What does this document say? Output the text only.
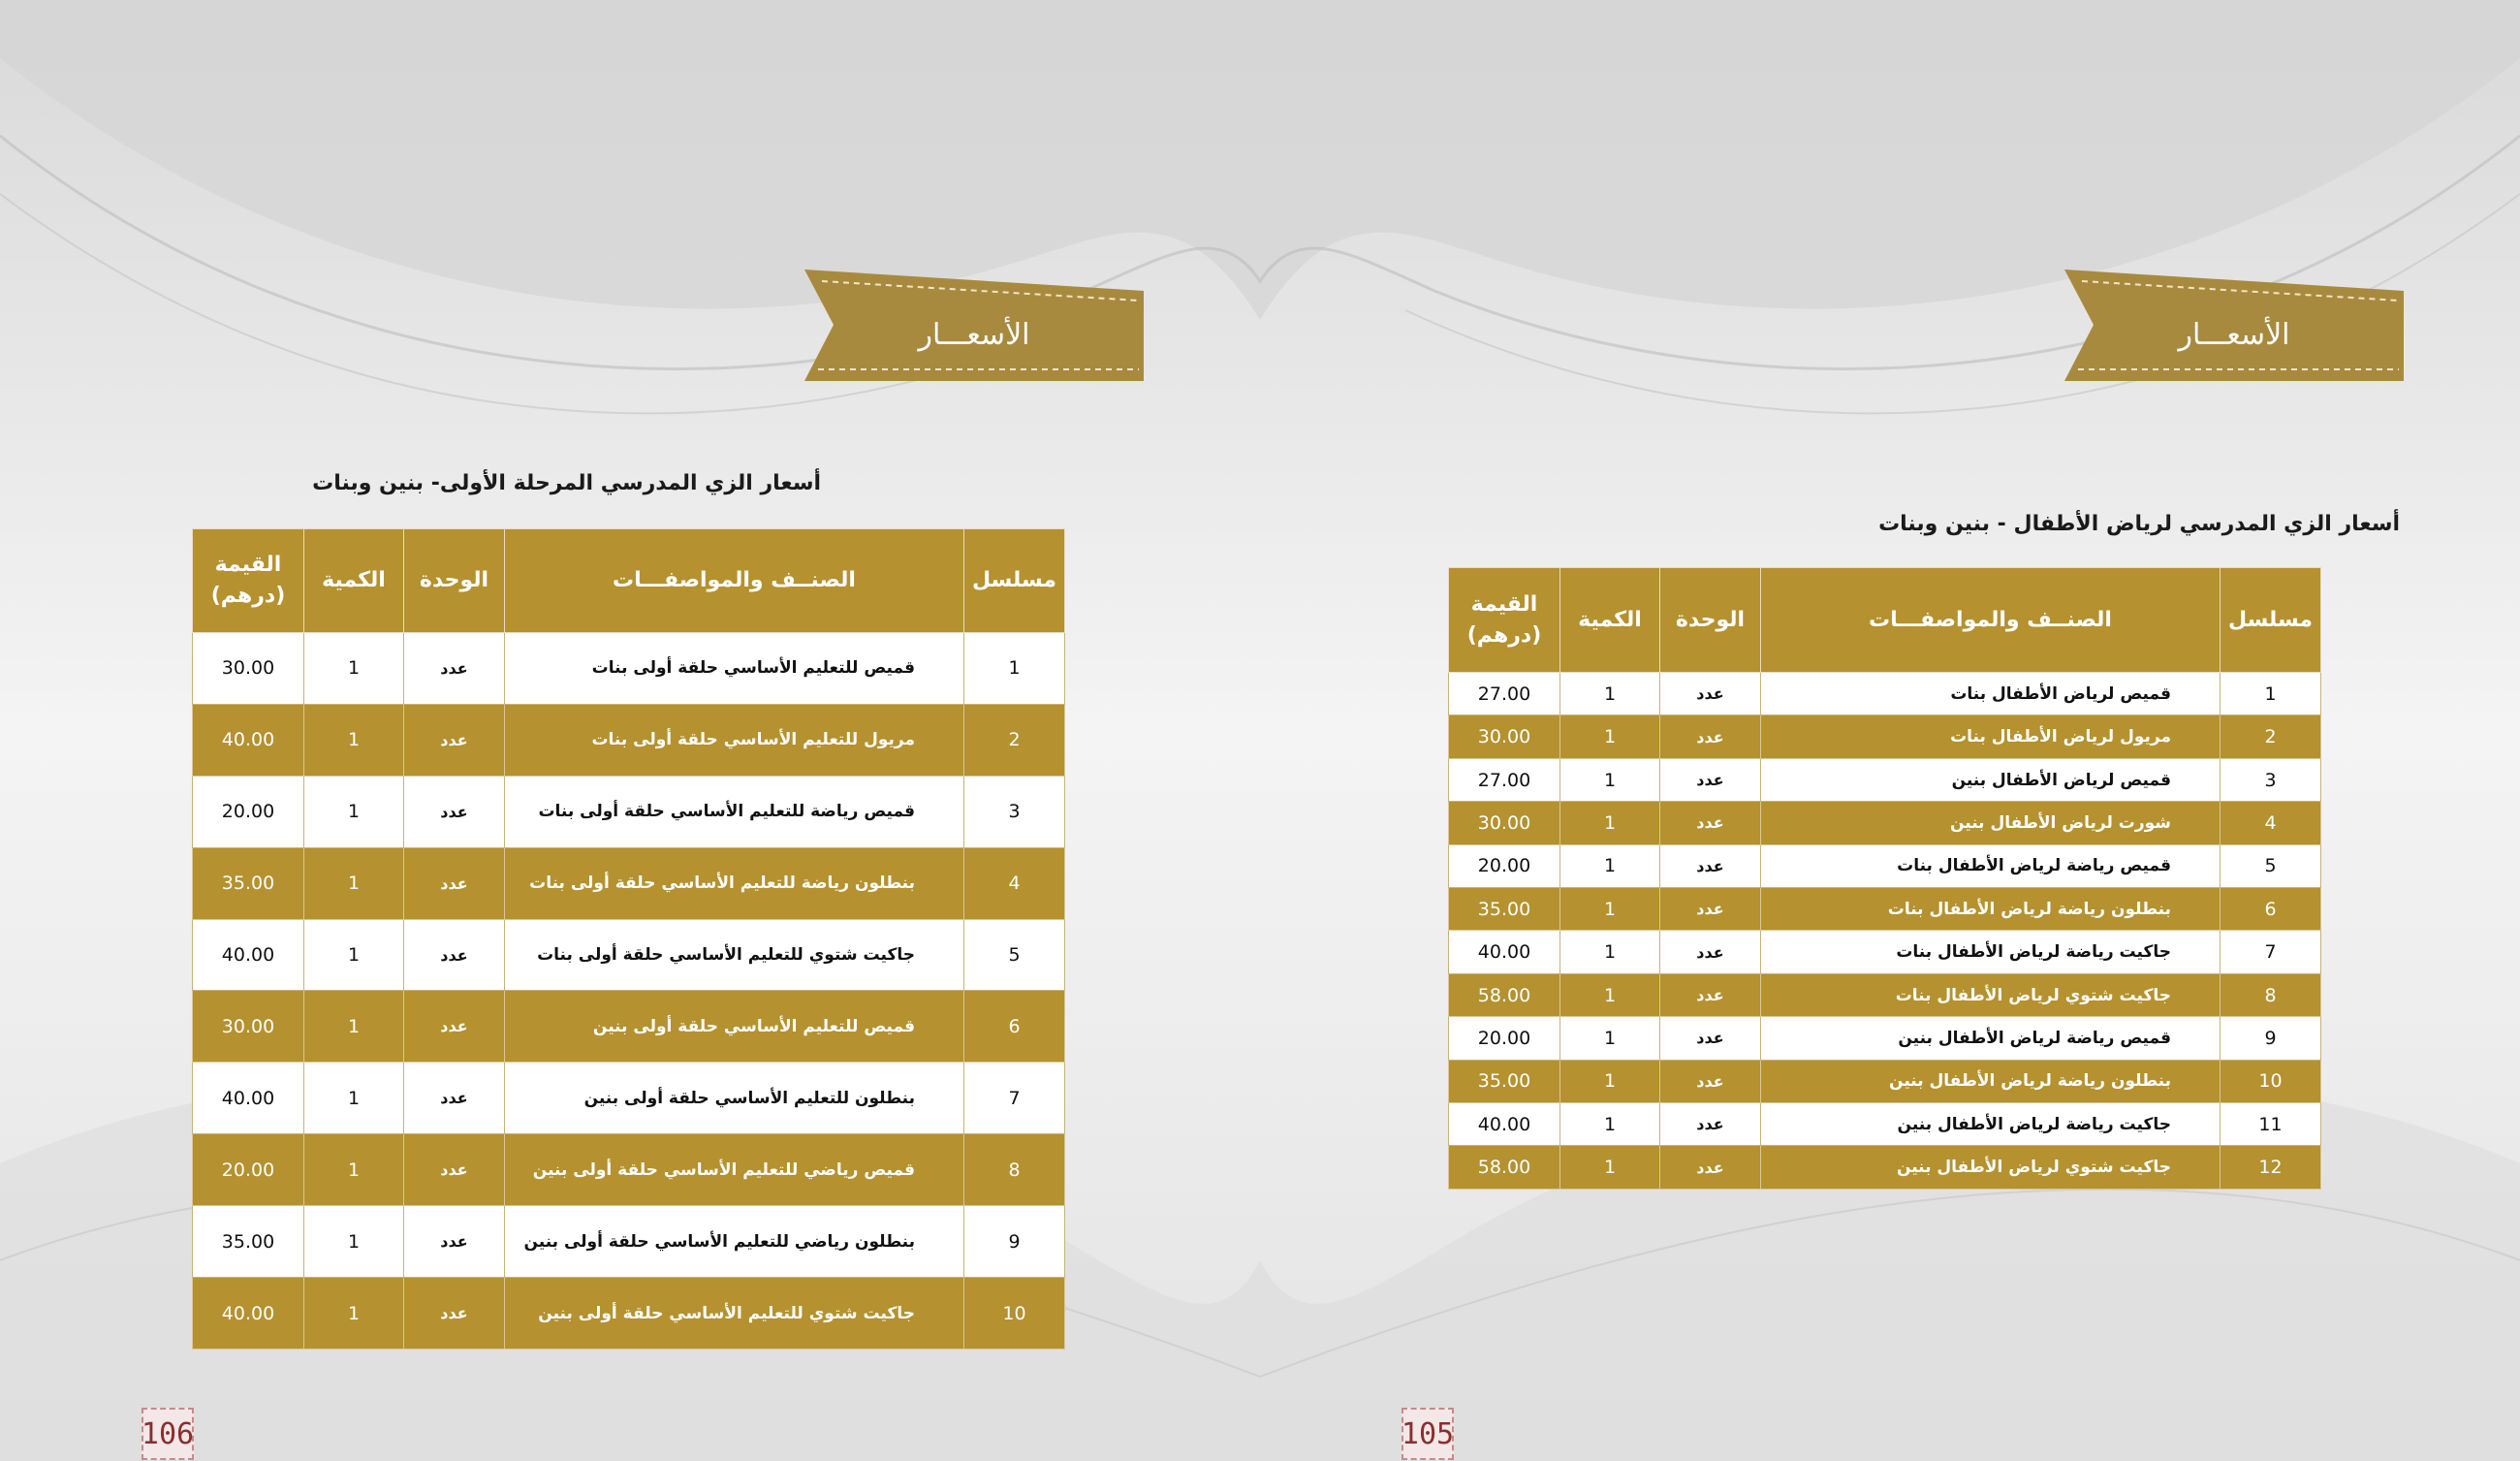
الأسعـــار
أسعار الزي المدرسي المرحلة الأولى- بنين وبنات
مسلسل	الصنــف والمواصفـــات	الوحدة	الكمية	القيمة
(درهم)
1	قميص للتعليم الأساسي حلقة أولى بنات	عدد	1	30.00
2	مريول للتعليم الأساسي حلقة أولى بنات	عدد	1	40.00
3	قميص رياضة للتعليم الأساسي حلقة أولى بنات	عدد	1	20.00
4	بنطلون رياضة للتعليم الأساسي حلقة أولى بنات	عدد	1	35.00
5	جاكيت شتوي للتعليم الأساسي حلقة أولى بنات	عدد	1	40.00
6	قميص للتعليم الأساسي حلقة أولى بنين	عدد	1	30.00
7	بنطلون للتعليم الأساسي حلقة أولى بنين	عدد	1	40.00
8	قميص رياضي للتعليم الأساسي حلقة أولى بنين	عدد	1	20.00
9	بنطلون رياضي للتعليم الأساسي حلقة أولى بنين	عدد	1	35.00
10	جاكيت شتوي للتعليم الأساسي حلقة أولى بنين	عدد	1	40.00
106
الأسعـــار
أسعار الزي المدرسي لرياض الأطفال - بنين وبنات
مسلسل	الصنــف والمواصفـــات	الوحدة	الكمية	القيمة
(درهم)
1	قميص لرياض الأطفال بنات	عدد	1	27.00
2	مريول لرياض الأطفال بنات	عدد	1	30.00
3	قميص لرياض الأطفال بنين	عدد	1	27.00
4	شورت لرياض الأطفال بنين	عدد	1	30.00
5	قميص رياضة لرياض الأطفال بنات	عدد	1	20.00
6	بنطلون رياضة لرياض الأطفال بنات	عدد	1	35.00
7	جاكيت رياضة لرياض الأطفال بنات	عدد	1	40.00
8	جاكيت شتوي لرياض الأطفال بنات	عدد	1	58.00
9	قميص رياضة لرياض الأطفال بنين	عدد	1	20.00
10	بنطلون رياضة لرياض الأطفال بنين	عدد	1	35.00
11	جاكيت رياضة لرياض الأطفال بنين	عدد	1	40.00
12	جاكيت شتوي لرياض الأطفال بنين	عدد	1	58.00
105
